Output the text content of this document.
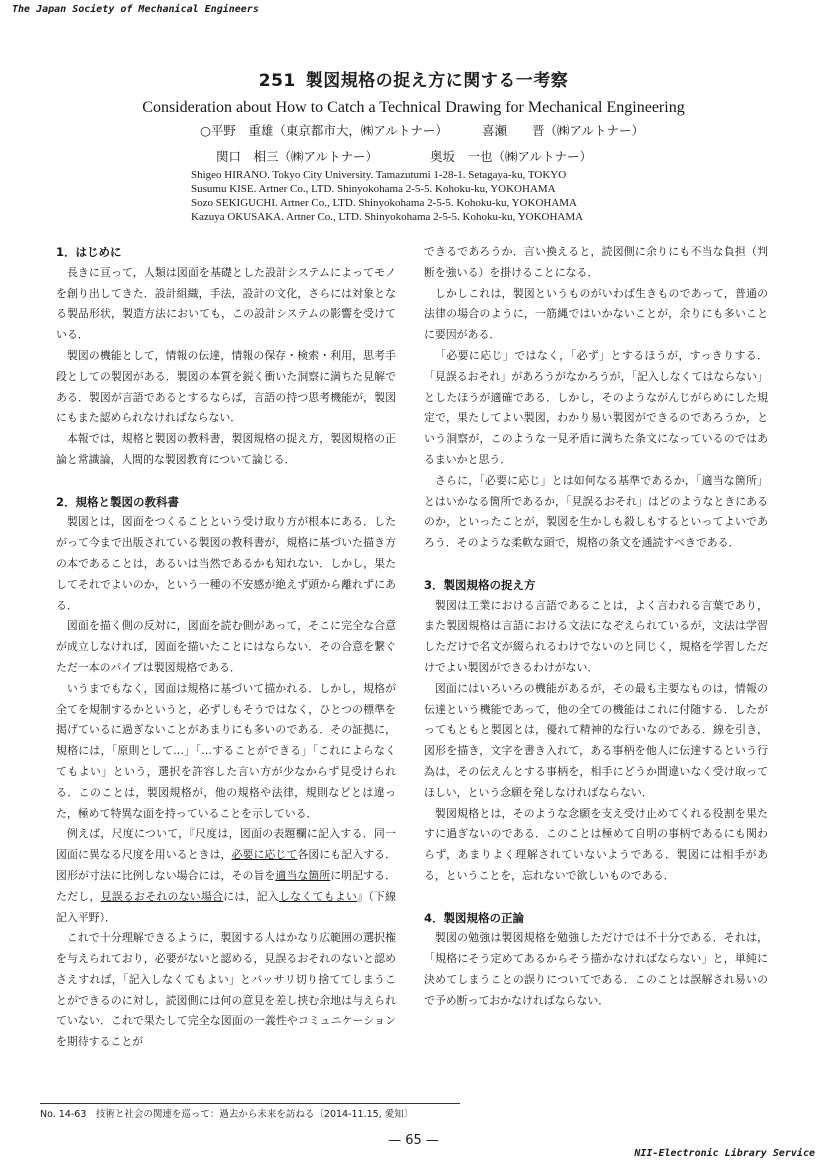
The Japan Society of Mechanical Engineers
251 製図規格の捉え方に関する一考察
Consideration about How to Catch a Technical Drawing for Mechanical Engineering
○平野　重雄（東京都市大，㈱アルトナー）	喜瀬　　晋（㈱アルトナー）
関口　相三（㈱アルトナー）	奥坂　一也（㈱アルトナー）
Shigeo HIRANO. Tokyo City University. Tamazutumi 1-28-1. Setagaya-ku, TOKYO
Susumu KISE. Artner Co., LTD. Shinyokohama 2-5-5. Kohoku-ku, YOKOHAMA
Sozo SEKIGUCHI. Artner Co., LTD. Shinyokohama 2-5-5. Kohoku-ku, YOKOHAMA
Kazuya OKUSAKA. Artner Co., LTD. Shinyokohama 2-5-5. Kohoku-ku, YOKOHAMA
1．はじめに

長きに亘って，人類は図面を基礎とした設計システムによってモノを創り出してきた．設計組織，手法，設計の文化，さらには対象となる製品形状，製造方法においても，この設計システムの影響を受けている．

製図の機能として，情報の伝達，情報の保存・検索・利用，思考手段としての製図がある．製図の本質を鋭く衝いた洞察に満ちた見解である．製図が言語であるとするならば，言語の持つ思考機能が，製図にもまた認められなければならない．

本報では，規格と製図の教科書，製図規格の捉え方，製図規格の正論と常識論，人間的な製図教育について論じる．

2．規格と製図の教科書

製図とは，図面をつくることという受け取り方が根本にある．したがって今まで出版されている製図の教科書が，規格に基づいた描き方の本であることは，あるいは当然であるかも知れない．しかし，果たしてそれでよいのか，という一種の不安感が絶えず頭から離れずにある．

図面を描く側の反対に，図面を読む側があって，そこに完全な合意が成立しなければ，図面を描いたことにはならない．その合意を繋ぐただ一本のパイプは製図規格である．

いうまでもなく，図面は規格に基づいて描かれる．しかし，規格が全てを規制するかというと，必ずしもそうではなく，ひとつの標準を掲げているに過ぎないことがあまりにも多いのである．その証拠に，規格には，「原則として…」「…することができる」「これによらなくてもよい」という，選択を許容した言い方が少なからず見受けられる．このことは，製図規格が，他の規格や法律，規則などとは違った，極めて特異な面を持っていることを示している．

例えば，尺度について，『尺度は，図面の表題欄に記入する．同一図面に異なる尺度を用いるときは，必要に応じて各図にも記入する．図形が寸法に比例しない場合には，その旨を適当な箇所に明記する．ただし，見誤るおそれのない場合には，記入しなくてもよい』（下線記入平野）．

これで十分理解できるように，製図する人はかなり広範囲の選択権を与えられており，必要がないと認める，見誤るおそれのないと認めさえすれば，「記入しなくてもよい」とバッサリ切り捨ててしまうことができるのに対し，読図側には何の意見を差し挟む余地は与えられていない．これで果たして完全な図面の一義性やコミュニケーションを期待することが

できるであろうか．言い換えると，読図側に余りにも不当な負担（判断を強いる）を掛けることになる．

しかしこれは，製図というものがいわば生きものであって，普通の法律の場合のように，一筋縄ではいかないことが，余りにも多いことに要因がある．

「必要に応じ」ではなく，「必ず」とするほうが，すっきりする．「見誤るおそれ」があろうがなかろうが，「記入しなくてはならない」としたほうが適確である．しかし，そのようながんじがらめにした規定で，果たしてよい製図，わかり易い製図ができるのであろうか，という洞察が，このような一見矛盾に満ちた条文になっているのではあるまいかと思う．

さらに，「必要に応じ」とは如何なる基準であるか，「適当な箇所」とはいかなる箇所であるか，「見誤るおそれ」はどのようなときにあるのか，といったことが，製図を生かしも殺しもするといってよいであろう．そのような柔軟な頭で，規格の条文を通読すべきである．

3．製図規格の捉え方

製図は工業における言語であることは，よく言われる言葉であり，また製図規格は言語における文法になぞえられているが，文法は学習しただけで名文が綴られるわけでないのと同じく，規格を学習しただけでよい製図ができるわけがない．

図面にはいろいろの機能があるが，その最も主要なものは，情報の伝達という機能であって，他の全ての機能はこれに付随する．したがってもともと製図とは，優れて精神的な行いなのである．線を引き，図形を描き，文字を書き入れて，ある事柄を他人に伝達するという行為は，その伝えんとする事柄を，相手にどうか間違いなく受け取ってほしい，という念願を発しなければならない．

製図規格とは，そのような念願を支え受け止めてくれる役割を果たすに過ぎないのである．このことは極めて自明の事柄であるにも関わらず，あまりよく理解されていないようである．製図には相手がある，ということを，忘れないで欲しいものである．

4．製図規格の正論

製図の勉強は製図規格を勉強しただけでは不十分である．それは，「規格にそう定めてあるからそう描かなければならない」と，単純に決めてしまうことの誤りについてである．このことは誤解され易いので予め断っておかなければならない．

No. 14-63　技術と社会の関連を巡って：過去から未来を訪ねる〔2014-11.15, 愛知〕
— 65 —
NII-Electronic Library Service
